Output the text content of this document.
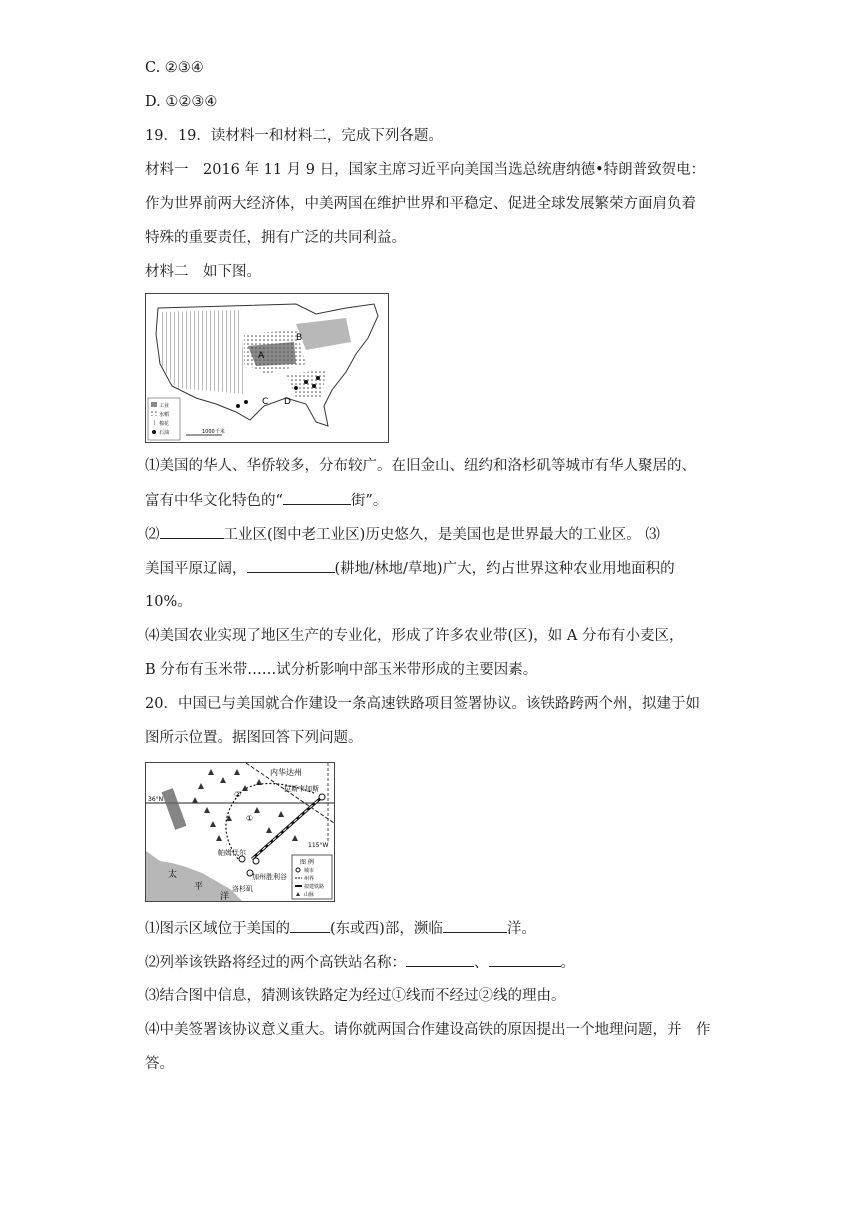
C. ②③④
D. ①②③④
19．19．读材料一和材料二，完成下列各题。
材料一　2016 年 11 月 9 日，国家主席习近平向美国当选总统唐纳德•特朗普致贺电：
作为世界前两大经济体，中美两国在维护世界和平稳定、促进全球发展繁荣方面肩负着
特殊的重要责任，拥有广泛的共同利益。
材料二　如下图。
A
B
C D
工业
水稻
棉花
石油	1000千米
⑴美国的华人、华侨较多，分布较广。在旧金山、纽约和洛杉矶等城市有华人聚居的、
富有中华文化特色的“	街”。
⑵	工业区(图中老工业区)历史悠久，是美国也是世界最大的工业区。 ⑶
美国平原辽阔，	(耕地/林地/草地)广大，约占世界这种农业用地面积的
10%。
⑷美国农业实现了地区生产的专业化，形成了许多农业带(区)，如 A 分布有小麦区，
B 分布有玉米带……试分析影响中部玉米带形成的主要因素。
20．中国已与美国就合作建设一条高速铁路项目签署协议。该铁路跨两个州，拟建于如
图所示位置。据图回答下列问题。
太
平
洋
36°N
115°W
内华达州
①
②
拉斯韦加斯
帕姆代尔
加州胜利谷
洛杉矶
图 例
城市
州界
拟建铁路
山脉
⑴图示区域位于美国的	(东或西)部，濒临	洋。
⑵列举该铁路将经过的两个高铁站名称：	、	。
⑶结合图中信息，猜测该铁路定为经过①线而不经过②线的理由。
⑷中美签署该协议意义重大。请你就两国合作建设高铁的原因提出一个地理问题，并　作
答。
